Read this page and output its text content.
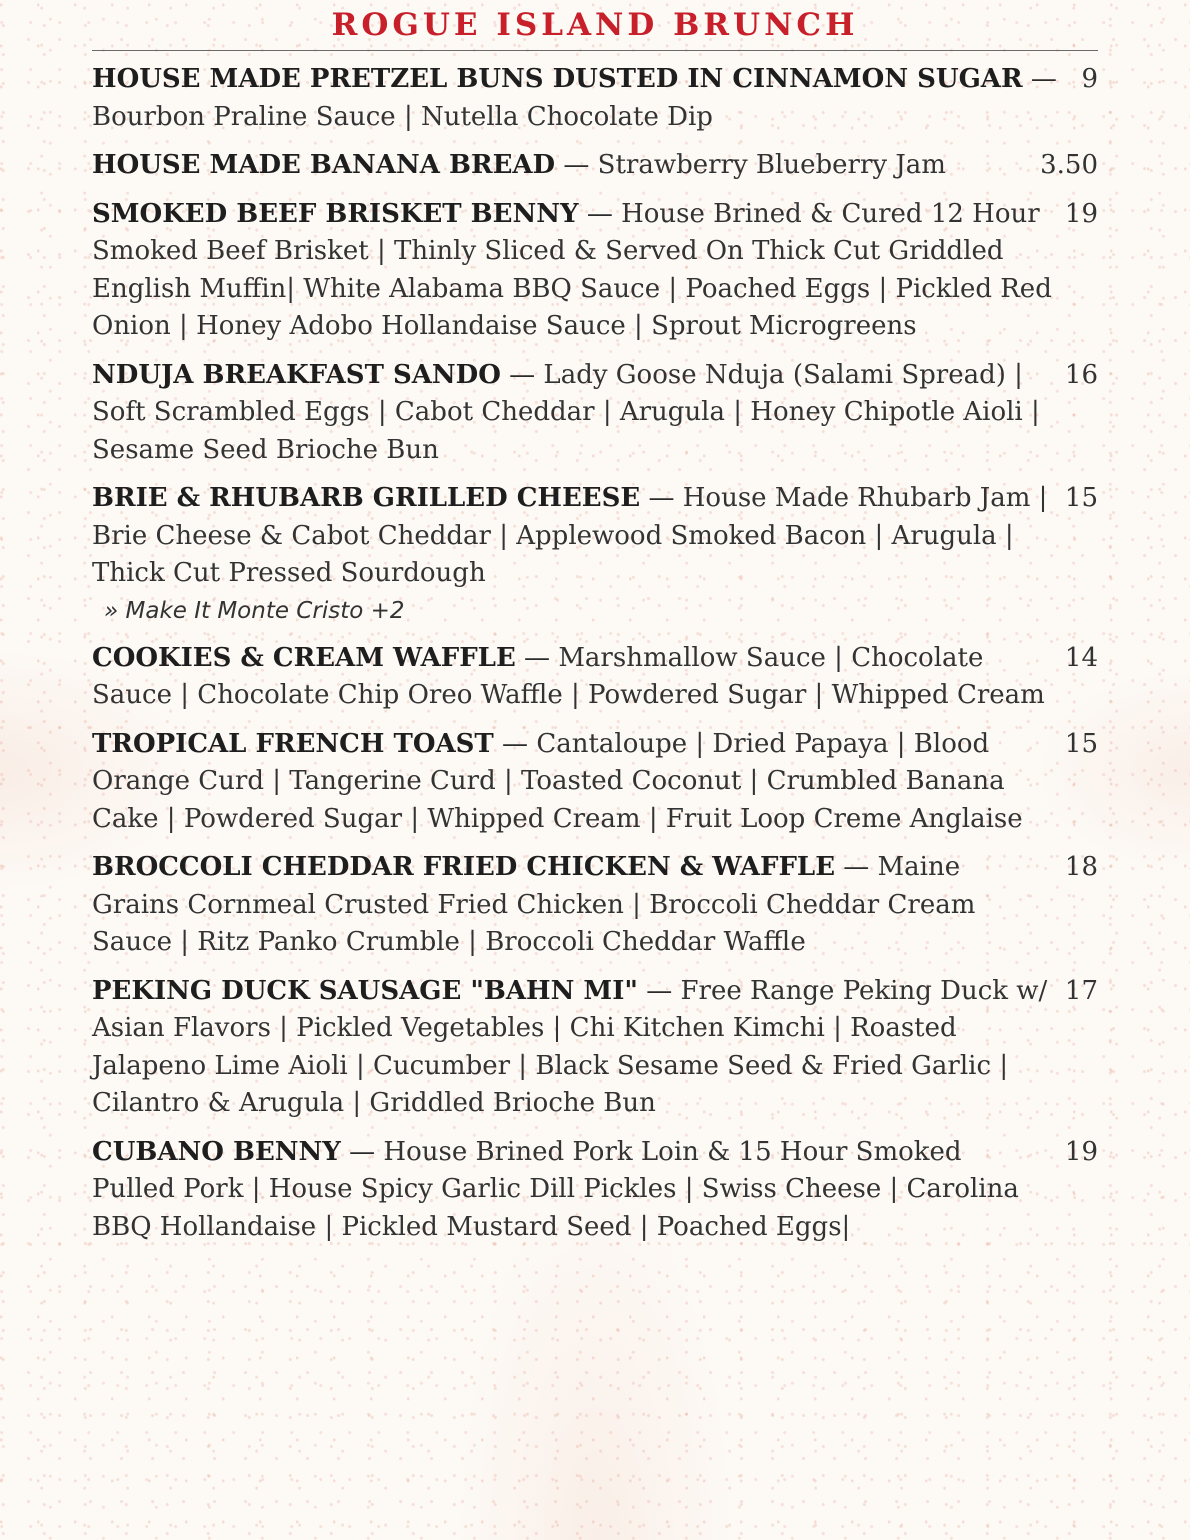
ROGUE ISLAND BRUNCH
HOUSE MADE PRETZEL BUNS DUSTED IN CINNAMON SUGAR — Bourbon Praline Sauce | Nutella Chocolate Dip
9
HOUSE MADE BANANA BREAD — Strawberry Blueberry Jam	3.50
SMOKED BEEF BRISKET BENNY — House Brined & Cured 12 Hour Smoked Beef Brisket | Thinly Sliced & Served On Thick Cut Griddled English Muffin| White Alabama BBQ Sauce | Poached Eggs | Pickled Red Onion | Honey Adobo Hollandaise Sauce | Sprout Microgreens
19
NDUJA BREAKFAST SANDO — Lady Goose Nduja (Salami Spread) | Soft Scrambled Eggs | Cabot Cheddar | Arugula | Honey Chipotle Aioli | Sesame Seed Brioche Bun
16
BRIE & RHUBARB GRILLED CHEESE — House Made Rhubarb Jam | Brie Cheese & Cabot Cheddar | Applewood Smoked Bacon | Arugula | Thick Cut Pressed Sourdough
» Make It Monte Cristo +2
15
COOKIES & CREAM WAFFLE — Marshmallow Sauce | Chocolate Sauce | Chocolate Chip Oreo Waffle | Powdered Sugar | Whipped Cream
14
TROPICAL FRENCH TOAST — Cantaloupe | Dried Papaya | Blood Orange Curd | Tangerine Curd | Toasted Coconut | Crumbled Banana Cake | Powdered Sugar | Whipped Cream | Fruit Loop Creme Anglaise
15
BROCCOLI CHEDDAR FRIED CHICKEN & WAFFLE — Maine Grains Cornmeal Crusted Fried Chicken | Broccoli Cheddar Cream Sauce | Ritz Panko Crumble | Broccoli Cheddar Waffle
18
PEKING DUCK SAUSAGE "BAHN MI" — Free Range Peking Duck w/ Asian Flavors | Pickled Vegetables | Chi Kitchen Kimchi | Roasted Jalapeno Lime Aioli | Cucumber | Black Sesame Seed & Fried Garlic | Cilantro & Arugula | Griddled Brioche Bun
17
CUBANO BENNY — House Brined Pork Loin & 15 Hour Smoked Pulled Pork | House Spicy Garlic Dill Pickles | Swiss Cheese | Carolina BBQ Hollandaise | Pickled Mustard Seed | Poached Eggs|
19
